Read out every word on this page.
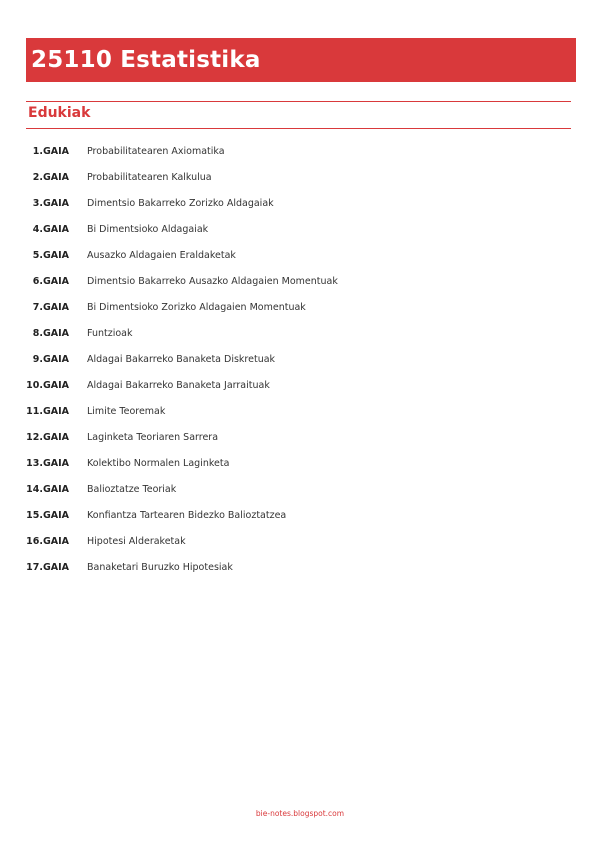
25110 Estatistika
Edukiak
1.GAIA Probabilitatearen Axiomatika
2.GAIA Probabilitatearen Kalkulua
3.GAIA Dimentsio Bakarreko Zorizko Aldagaiak
4.GAIA Bi Dimentsioko Aldagaiak
5.GAIA Ausazko Aldagaien Eraldaketak
6.GAIA Dimentsio Bakarreko Ausazko Aldagaien Momentuak
7.GAIA Bi Dimentsioko Zorizko Aldagaien Momentuak
8.GAIA Funtzioak
9.GAIA Aldagai Bakarreko Banaketa Diskretuak
10.GAIA Aldagai Bakarreko Banaketa Jarraituak
11.GAIA Limite Teoremak
12.GAIA Laginketa Teoriaren Sarrera
13.GAIA Kolektibo Normalen Laginketa
14.GAIA Balioztatze Teoriak
15.GAIA Konfiantza Tartearen Bidezko Balioztatzea
16.GAIA Hipotesi Alderaketak
17.GAIA Banaketari Buruzko Hipotesiak
bie-notes.blogspot.com
